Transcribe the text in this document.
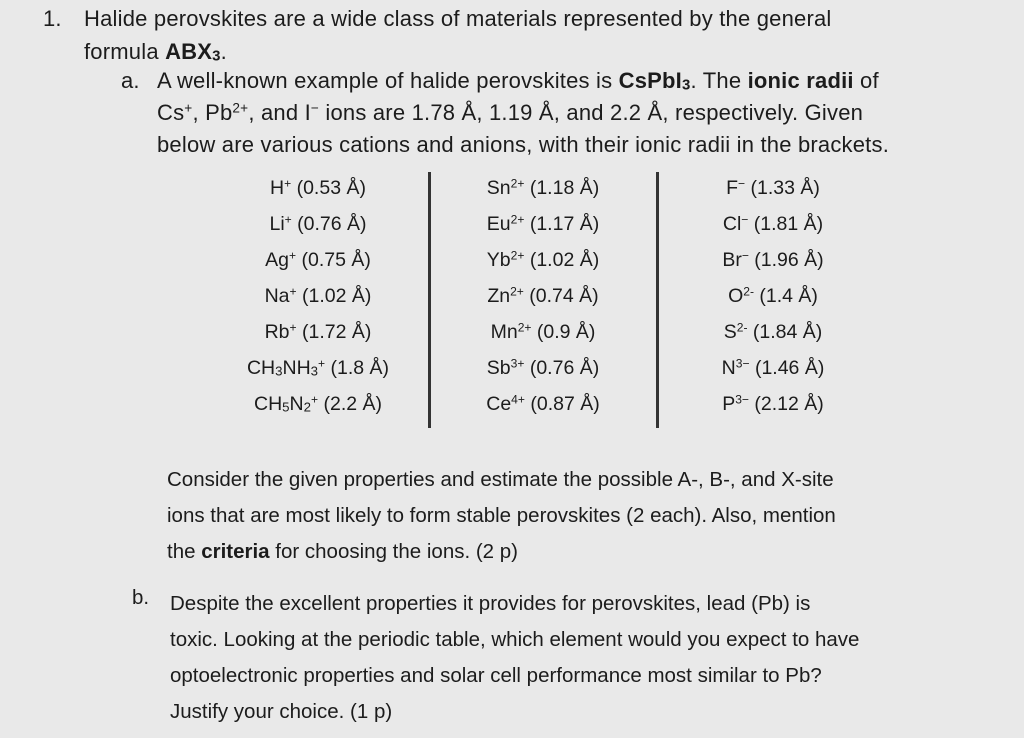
1. Halide perovskites are a wide class of materials represented by the general
formula $ABX_3$.
a. A well-known example of halide perovskites is CsPbI$_3$. The ionic radii of
Cs+, $Pb^{2+}$, and I− ions are 1.78 Å, 1.19 Å, and 2.2 Å, respectively. Given
below are various cations and anions, with their ionic radii in the brackets.
H+ (0.53 Å)
Li+ (0.76 Å)
Ag+ (0.75 Å)
Na+ (1.02 Å)
Rb+ (1.72 Å)
$CH_3NH_3^+$ (1.8 Å)
$CH_5N_2^+$ (2.2 Å)
$Sn^{2+}$ (1.18 Å)
$Eu^{2+}$ (1.17 Å)
$Yb^{2+}$ (1.02 Å)
$Zn^{2+}$ (0.74 Å)
$Mn^{2+}$ (0.9 Å)
$Sb^{3+}$ (0.76 Å)
$Ce^{4+}$ (0.87 Å)
F− (1.33 Å)
Cl− (1.81 Å)
Br− (1.96 Å)
$O^{2-}$ (1.4 Å)
$S^{2-}$ (1.84 Å)
$N^{3-}$ (1.46 Å)
$P^{3-}$ (2.12 Å)
Consider the given properties and estimate the possible A-, B-, and X-site
ions that are most likely to form stable perovskites (2 each). Also, mention
the criteria for choosing the ions. (2 p)
b. Despite the excellent properties it provides for perovskites, lead (Pb) is
toxic. Looking at the periodic table, which element would you expect to have
optoelectronic properties and solar cell performance most similar to Pb?
Justify your choice. (1 p)
